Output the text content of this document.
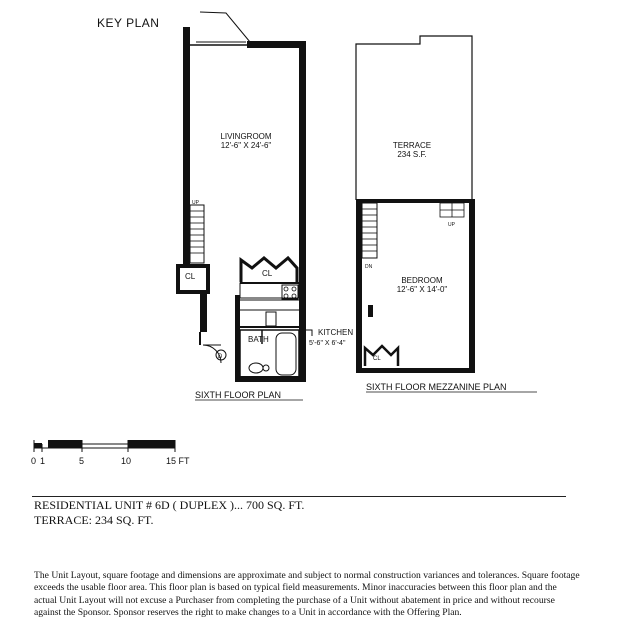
KEY PLAN
UP
LIVINGROOM
12'-6" X 24'-6"
KITCHEN
5'-6" X 6'-4"
BATH
CL	CL
D
SIXTH FLOOR PLAN
DN
UP
TERRACE
234 S.F.
BEDROOM
12'-6" X 14'-0"
CL
SIXTH FLOOR MEZZANINE PLAN
0 1	5	10	15 FT
RESIDENTIAL UNIT # 6D ( DUPLEX )... 700 SQ. FT.
TERRACE: 234 SQ. FT.
The Unit Layout, square footage and dimensions are approximate and subject to normal construction variances and tolerances. Square footage exceeds the usable floor area. This floor plan is based on typical field measurements. Minor inaccuracies between this floor plan and the actual Unit Layout will not excuse a Purchaser from completing the purchase of a Unit without abatement in price and without recourse against the Sponsor. Sponsor reserves the right to make changes to a Unit in accordance with the Offering Plan.
